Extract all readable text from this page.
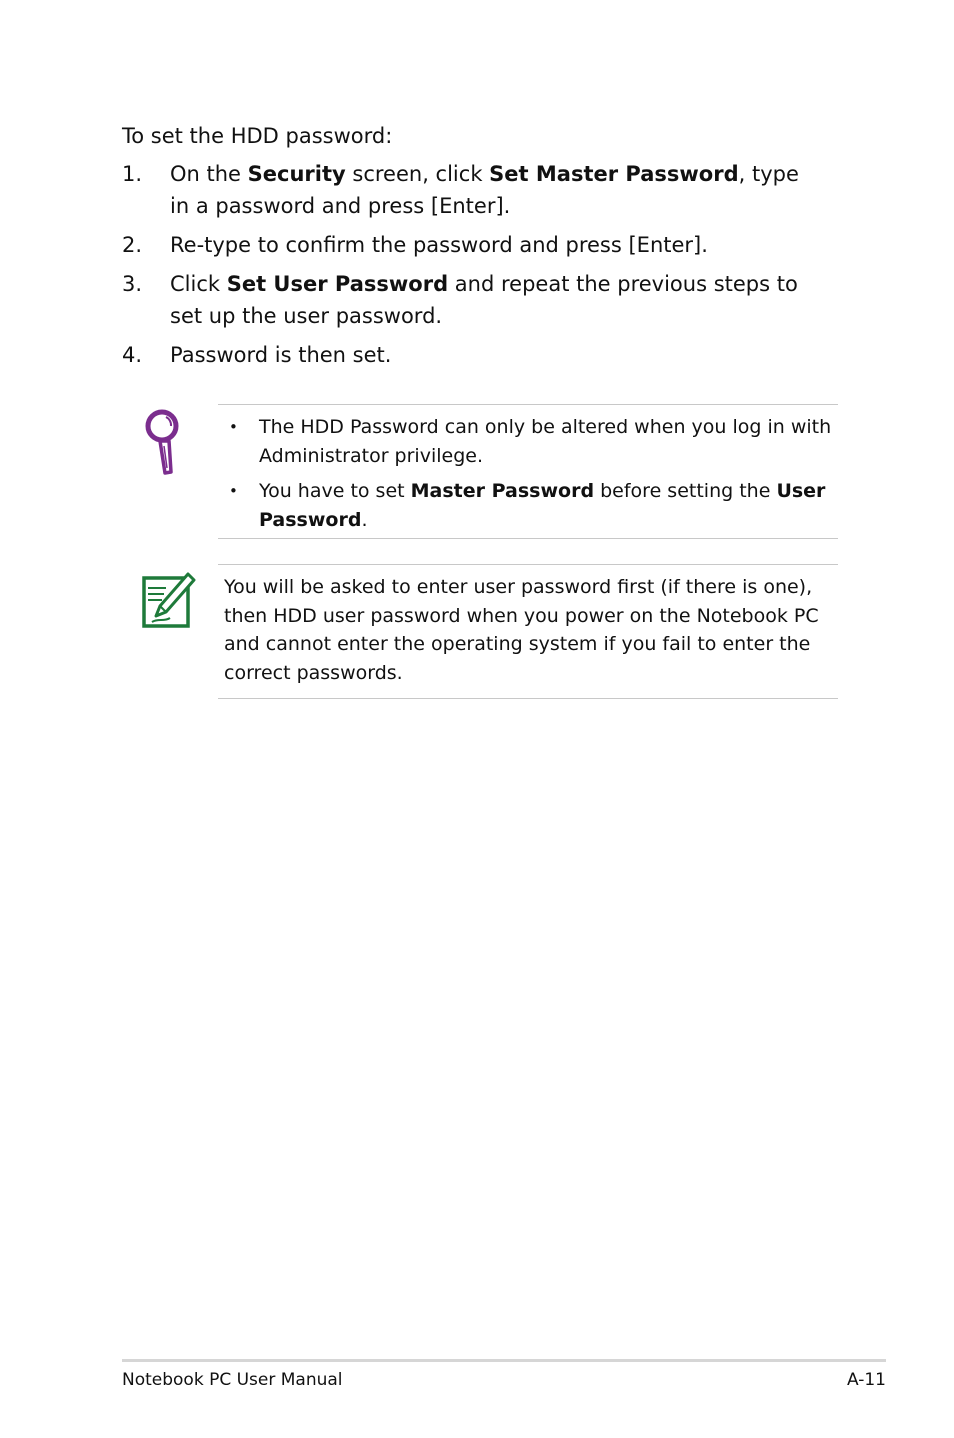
To set the HDD password:

1. On the Security screen, click Set Master Password, type in a password and press [Enter].
2. Re-type to confirm the password and press [Enter].
3. Click Set User Password and repeat the previous steps to set up the user password.
4. Password is then set.
• The HDD Password can only be altered when you log in with Administrator privilege.
• You have to set Master Password before setting the User Password.

You will be asked to enter user password first (if there is one), then HDD user password when you power on the Notebook PC and cannot enter the operating system if you fail to enter the correct passwords.

Notebook PC User Manual	A-11
